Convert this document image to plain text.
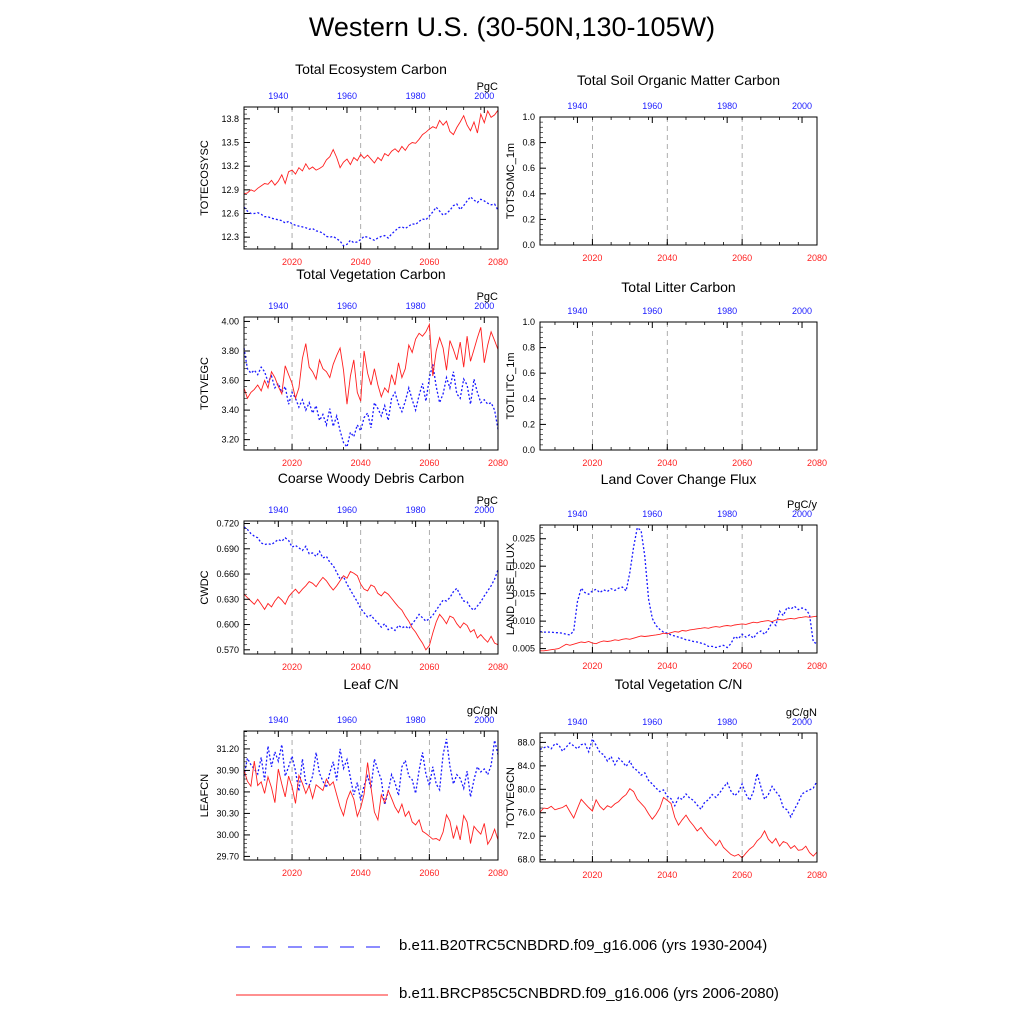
Western U.S. (30-50N,130-105W)
2020	2040	2060	2080
1940	1960	1980	2000
12.3
12.6
12.9
13.2
13.5
13.8
Total Ecosystem Carbon
PgC
TOTECOSYSC
2020	2040	2060	2080
1940	1960	1980	2000
0.0
0.2
0.4
0.6
0.8
1.0
Total Soil Organic Matter Carbon
TOTSOMC_1m
2020	2040	2060	2080
1940	1960	1980	2000
3.20
3.40
3.60
3.80
4.00
Total Vegetation Carbon
PgC
TOTVEGC
2020	2040	2060	2080
1940	1960	1980	2000
0.0
0.2
0.4
0.6
0.8
1.0
Total Litter Carbon
TOTLITC_1m
2020	2040	2060	2080
1940	1960	1980	2000
0.570
0.600
0.630
0.660
0.690
0.720
Coarse Woody Debris Carbon
PgC
CWDC
2020	2040	2060	2080
1940	1960	1980	2000
0.005
0.010
0.015
0.020
0.025
Land Cover Change Flux
PgC/y
LAND_USE_FLUX
2020	2040	2060	2080
1940	1960	1980	2000
29.70
30.00
30.30
30.60
30.90
31.20
Leaf C/N
gC/gN
LEAFCN
2020	2040	2060	2080
1940	1960	1980	2000
68.0
72.0
76.0
80.0
84.0
88.0
Total Vegetation C/N
gC/gN
TOTVEGCN
b.e11.B20TRC5CNBDRD.f09_g16.006 (yrs 1930-2004)
b.e11.BRCP85C5CNBDRD.f09_g16.006 (yrs 2006-2080)
